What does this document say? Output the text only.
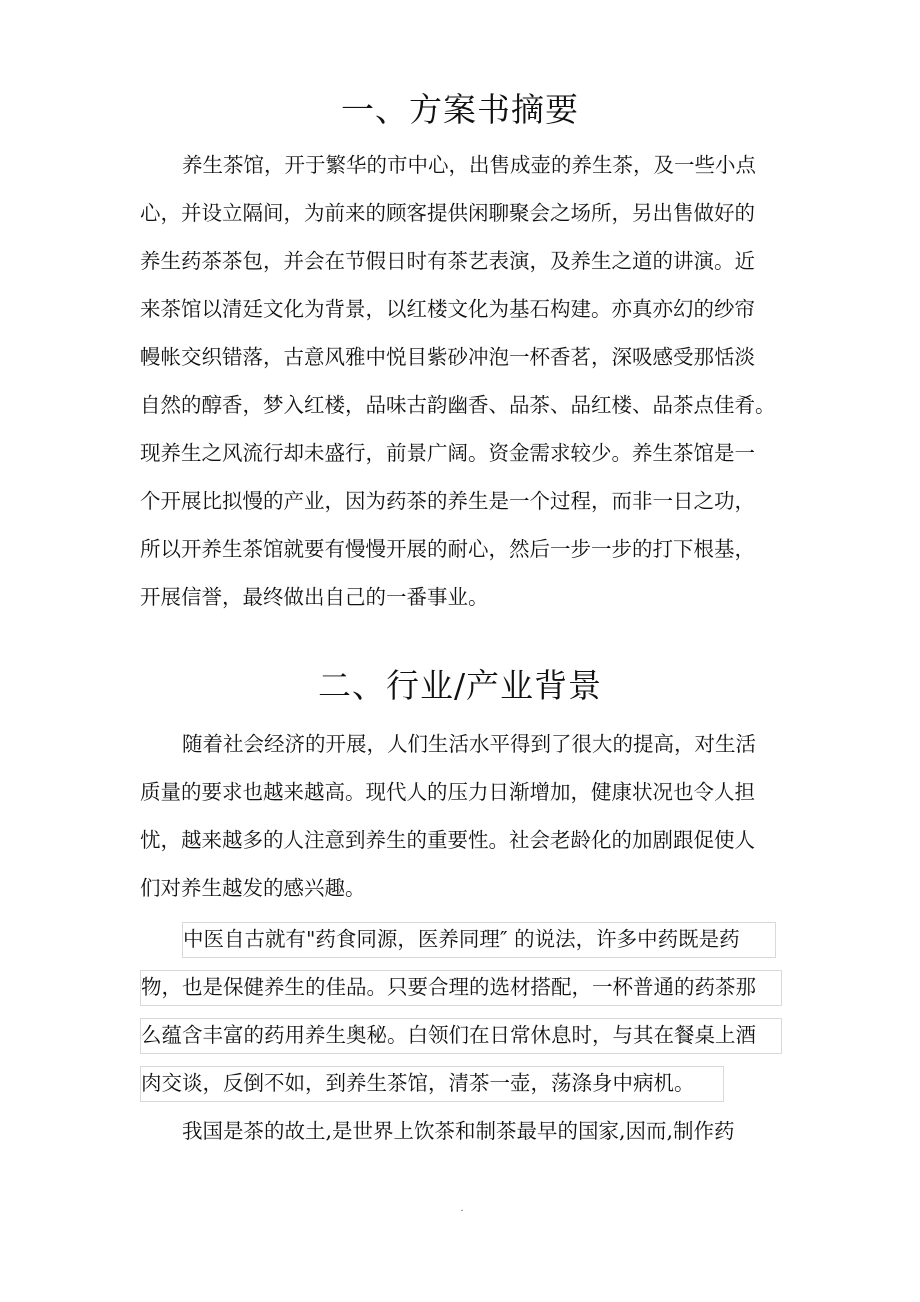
一、方案书摘要

养生茶馆，开于繁华的市中心，出售成壶的养生茶，及一些小点

心，并设立隔间，为前来的顾客提供闲聊聚会之场所，另出售做好的

养生药茶茶包，并会在节假日时有茶艺表演，及养生之道的讲演。近

来茶馆以清廷文化为背景，以红楼文化为基石构建。亦真亦幻的纱帘

幔帐交织错落，古意风雅中悦目紫砂冲泡一杯香茗，深吸感受那恬淡

自然的醇香，梦入红楼，品味古韵幽香、品茶、品红楼、品茶点佳肴。

现养生之风流行却未盛行，前景广阔。资金需求较少。养生茶馆是一

个开展比拟慢的产业，因为药茶的养生是一个过程，而非一日之功，

所以开养生茶馆就要有慢慢开展的耐心，然后一步一步的打下根基，

开展信誉，最终做出自己的一番事业。

二、行业/产业背景

随着社会经济的开展，人们生活水平得到了很大的提高，对生活

质量的要求也越来越高。现代人的压力日渐增加，健康状况也令人担

忧，越来越多的人注意到养生的重要性。社会老龄化的加剧跟促使人

们对养生越发的感兴趣。

中医自古就有"药食同源，医养同理″ 的说法，许多中药既是药

物，也是保健养生的佳品。只要合理的选材搭配，一杯普通的药茶那

么蕴含丰富的药用养生奥秘。白领们在日常休息时，与其在餐桌上酒

肉交谈，反倒不如，到养生茶馆，清茶一壶，荡涤身中病机。

我国是茶的故土,是世界上饮茶和制茶最早的国家,因而,制作药

.
